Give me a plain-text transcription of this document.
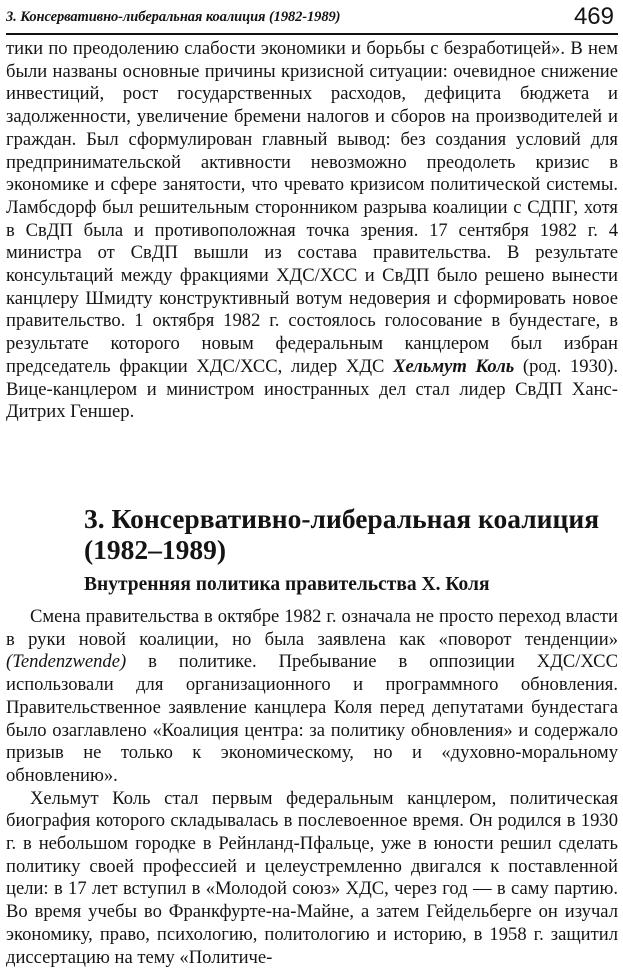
3. Консервативно-либеральная коалиция (1982-1989)	469

тики по преодолению слабости экономики и борьбы с безработицей». В нем были названы основные причины кризисной ситуации: очевидное снижение инвестиций, рост государственных расходов, дефицита бюджета и задолженности, увеличение бремени налогов и сборов на производителей и граждан. Был сформулирован главный вывод: без создания условий для предпринимательской активности невозможно преодолеть кризис в экономике и сфере занятости, что чревато кризисом политической системы. Ламбсдорф был решительным сторонником разрыва коалиции с СДПГ, хотя в СвДП была и противоположная точка зрения. 17 сентября 1982 г. 4 министра от СвДП вышли из состава правительства. В результате консультаций между фракциями ХДС/ХСС и СвДП было решено вынести канцлеру Шмидту конструктивный вотум недоверия и сформировать новое правительство. 1 октября 1982 г. состоялось голосование в бундестаге, в результате которого новым федеральным канцлером был избран председатель фракции ХДС/ХСС, лидер ХДС Хельмут Коль (род. 1930). Вице-канцлером и министром иностранных дел стал лидер СвДП Ханс-Дитрих Геншер.

3. Консервативно-либеральная коалиция (1982–1989)
Внутренняя политика правительства Х. Коля

Смена правительства в октябре 1982 г. означала не просто переход власти в руки новой коалиции, но была заявлена как «поворот тенденции» (Tendenzwende) в политике. Пребывание в оппозиции ХДС/ХСС использовали для организационного и программного обновления. Правительственное заявление канцлера Коля перед депутатами бундестага было озаглавлено «Коалиция центра: за политику обновления» и содержало призыв не только к экономическому, но и «духовно-моральному обновлению».

Хельмут Коль стал первым федеральным канцлером, политическая биография которого складывалась в послевоенное время. Он родился в 1930 г. в небольшом городке в Рейнланд-Пфальце, уже в юности решил сделать политику своей профессией и целеустремленно двигался к поставленной цели: в 17 лет вступил в «Молодой союз» ХДС, через год — в саму партию. Во время учебы во Франкфурте-на-Майне, а затем Гейдельберге он изучал экономику, право, психологию, политологию и историю, в 1958 г. защитил диссертацию на тему «Политиче-
